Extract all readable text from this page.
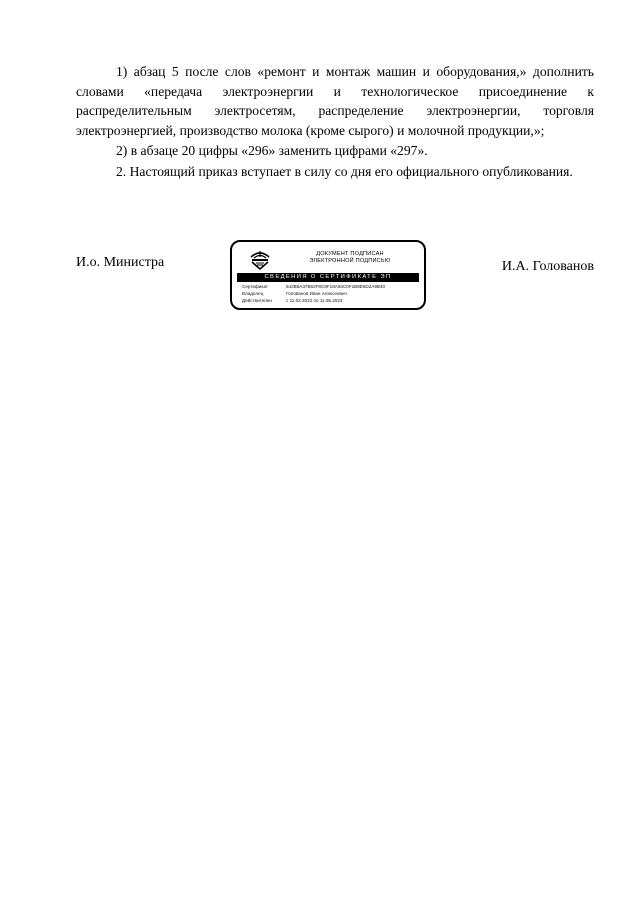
1) абзац 5 после слов «ремонт и монтаж машин и оборудования,» дополнить словами «передача электроэнергии и технологическое присоединение к распределительным электросетям, распределение электроэнергии, торговля электроэнергией, производство молока (кроме сырого) и молочной продукции,»;

2) в абзаце 20 цифры «296» заменить цифрами «297».

2. Настоящий приказ вступает в силу со дня его официального опубликования.

И.о. Министра
ДОКУМЕНТ ПОДПИСАН
ЭЛЕКТРОННОЙ ПОДПИСЬЮ
СВЕДЕНИЯ О СЕРТИФИКАТЕ ЭП
Сертификат	542B5A37B62F8C9F18A93C0F1B8E6D2A9B40
Владелец	Голованов Иван Алексеевич
Действителен	с 11.02.2022 по 11.05.2023
И.А. Голованов
